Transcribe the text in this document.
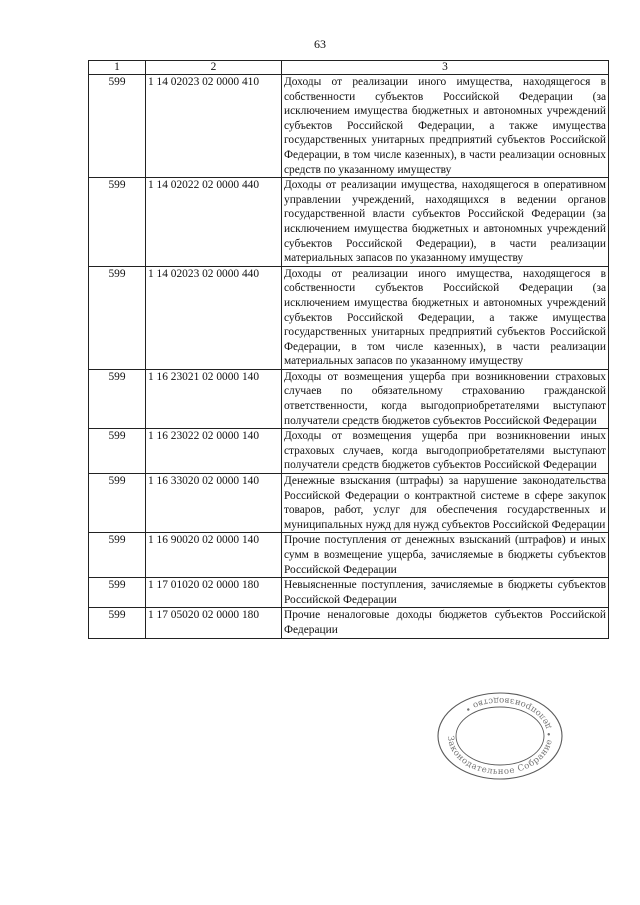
63
1	2	3
599	1 14 02023 02 0000 410	Доходы от реализации иного имущества, находящегося в собственности субъектов Российской Федерации (за исключением имущества бюджетных и автономных учреждений субъектов Российской Федерации, а также имущества государственных унитарных предприятий субъектов Российской Федерации, в том числе казенных), в части реализации основных средств по указанному имуществу
599	1 14 02022 02 0000 440	Доходы от реализации имущества, находящегося в оперативном управлении учреждений, находящихся в ведении органов государственной власти субъектов Российской Федерации (за исключением имущества бюджетных и автономных учреждений субъектов Российской Федерации), в части реализации материальных запасов по указанному имуществу
599	1 14 02023 02 0000 440	Доходы от реализации иного имущества, находящегося в собственности субъектов Российской Федерации (за исключением имущества бюджетных и автономных учреждений субъектов Российской Федерации, а также имущества государственных унитарных предприятий субъектов Российской Федерации, в том числе казенных), в части реализации материальных запасов по указанному имуществу
599	1 16 23021 02 0000 140	Доходы от возмещения ущерба при возникновении страховых случаев по обязательному страхованию гражданской ответственности, когда выгодоприобретателями выступают получатели средств бюджетов субъектов Российской Федерации
599	1 16 23022 02 0000 140	Доходы от возмещения ущерба при возникновении иных страховых случаев, когда выгодоприобретателями выступают получатели средств бюджетов субъектов Российской Федерации
599	1 16 33020 02 0000 140	Денежные взыскания (штрафы) за нарушение законодательства Российской Федерации о контрактной системе в сфере закупок товаров, работ, услуг для обеспечения государственных и муниципальных нужд для нужд субъектов Российской Федерации
599	1 16 90020 02 0000 140	Прочие поступления от денежных взысканий (штрафов) и иных сумм в возмещение ущерба, зачисляемые в бюджеты субъектов Российской Федерации
599	1 17 01020 02 0000 180	Невыясненные поступления, зачисляемые в бюджеты субъектов Российской Федерации
599	1 17 05020 02 0000 180	Прочие неналоговые доходы бюджетов субъектов Российской Федерации
Законодательное Собрание • делопроизводство •
